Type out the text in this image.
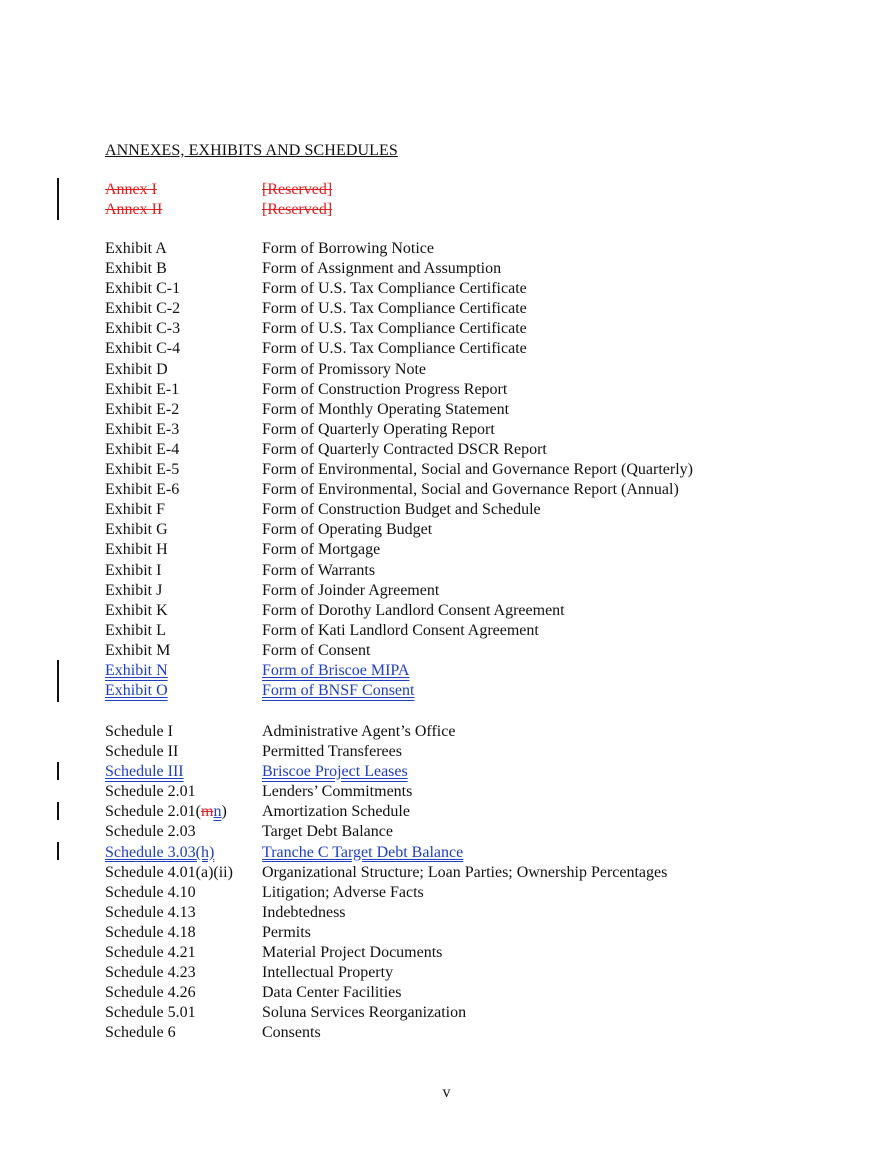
ANNEXES, EXHIBITS AND SCHEDULES
Annex I	[Reserved]
Annex II	[Reserved]
Exhibit A	Form of Borrowing Notice
Exhibit B	Form of Assignment and Assumption
Exhibit C-1	Form of U.S. Tax Compliance Certificate
Exhibit C-2	Form of U.S. Tax Compliance Certificate
Exhibit C-3	Form of U.S. Tax Compliance Certificate
Exhibit C-4	Form of U.S. Tax Compliance Certificate
Exhibit D	Form of Promissory Note
Exhibit E-1	Form of Construction Progress Report
Exhibit E-2	Form of Monthly Operating Statement
Exhibit E-3	Form of Quarterly Operating Report
Exhibit E-4	Form of Quarterly Contracted DSCR Report
Exhibit E-5	Form of Environmental, Social and Governance Report (Quarterly)
Exhibit E-6	Form of Environmental, Social and Governance Report (Annual)
Exhibit F	Form of Construction Budget and Schedule
Exhibit G	Form of Operating Budget
Exhibit H	Form of Mortgage
Exhibit I	Form of Warrants
Exhibit J	Form of Joinder Agreement
Exhibit K	Form of Dorothy Landlord Consent Agreement
Exhibit L	Form of Kati Landlord Consent Agreement
Exhibit M	Form of Consent
Exhibit N	Form of Briscoe MIPA
Exhibit O	Form of BNSF Consent
Schedule I	Administrative Agent’s Office
Schedule II	Permitted Transferees
Schedule III	Briscoe Project Leases
Schedule 2.01	Lenders’ Commitments
Schedule 2.01(mn) Amortization Schedule
Schedule 2.03	Target Debt Balance
Schedule 3.03(h)	Tranche C Target Debt Balance
Schedule 4.01(a)(ii) Organizational Structure; Loan Parties; Ownership Percentages
Schedule 4.10	Litigation; Adverse Facts
Schedule 4.13	Indebtedness
Schedule 4.18	Permits
Schedule 4.21	Material Project Documents
Schedule 4.23	Intellectual Property
Schedule 4.26	Data Center Facilities
Schedule 5.01	Soluna Services Reorganization
Schedule 6	Consents
v
